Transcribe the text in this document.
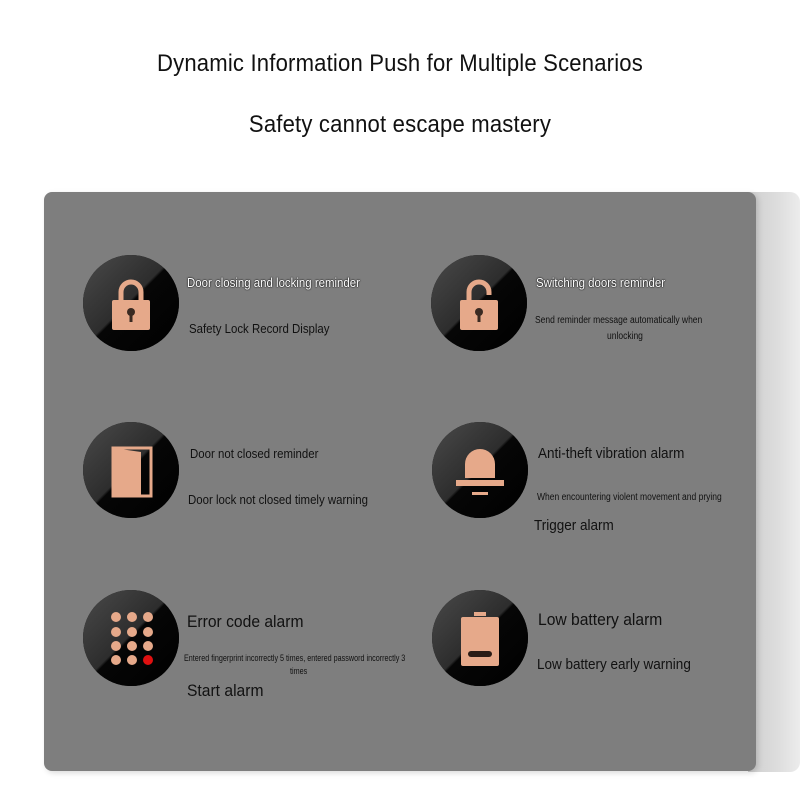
Dynamic Information Push for Multiple Scenarios
Safety cannot escape mastery
Door closing and locking reminder
Safety Lock Record Display
Switching doors reminder
Send reminder message automatically when
unlocking
Door not closed reminder
Door lock not closed timely warning
Anti-theft vibration alarm
When encountering violent movement and prying
Trigger alarm
Error code alarm
Entered fingerprint incorrectly 5 times, entered password incorrectly 3
times
Start alarm
Low battery alarm
Low battery early warning
